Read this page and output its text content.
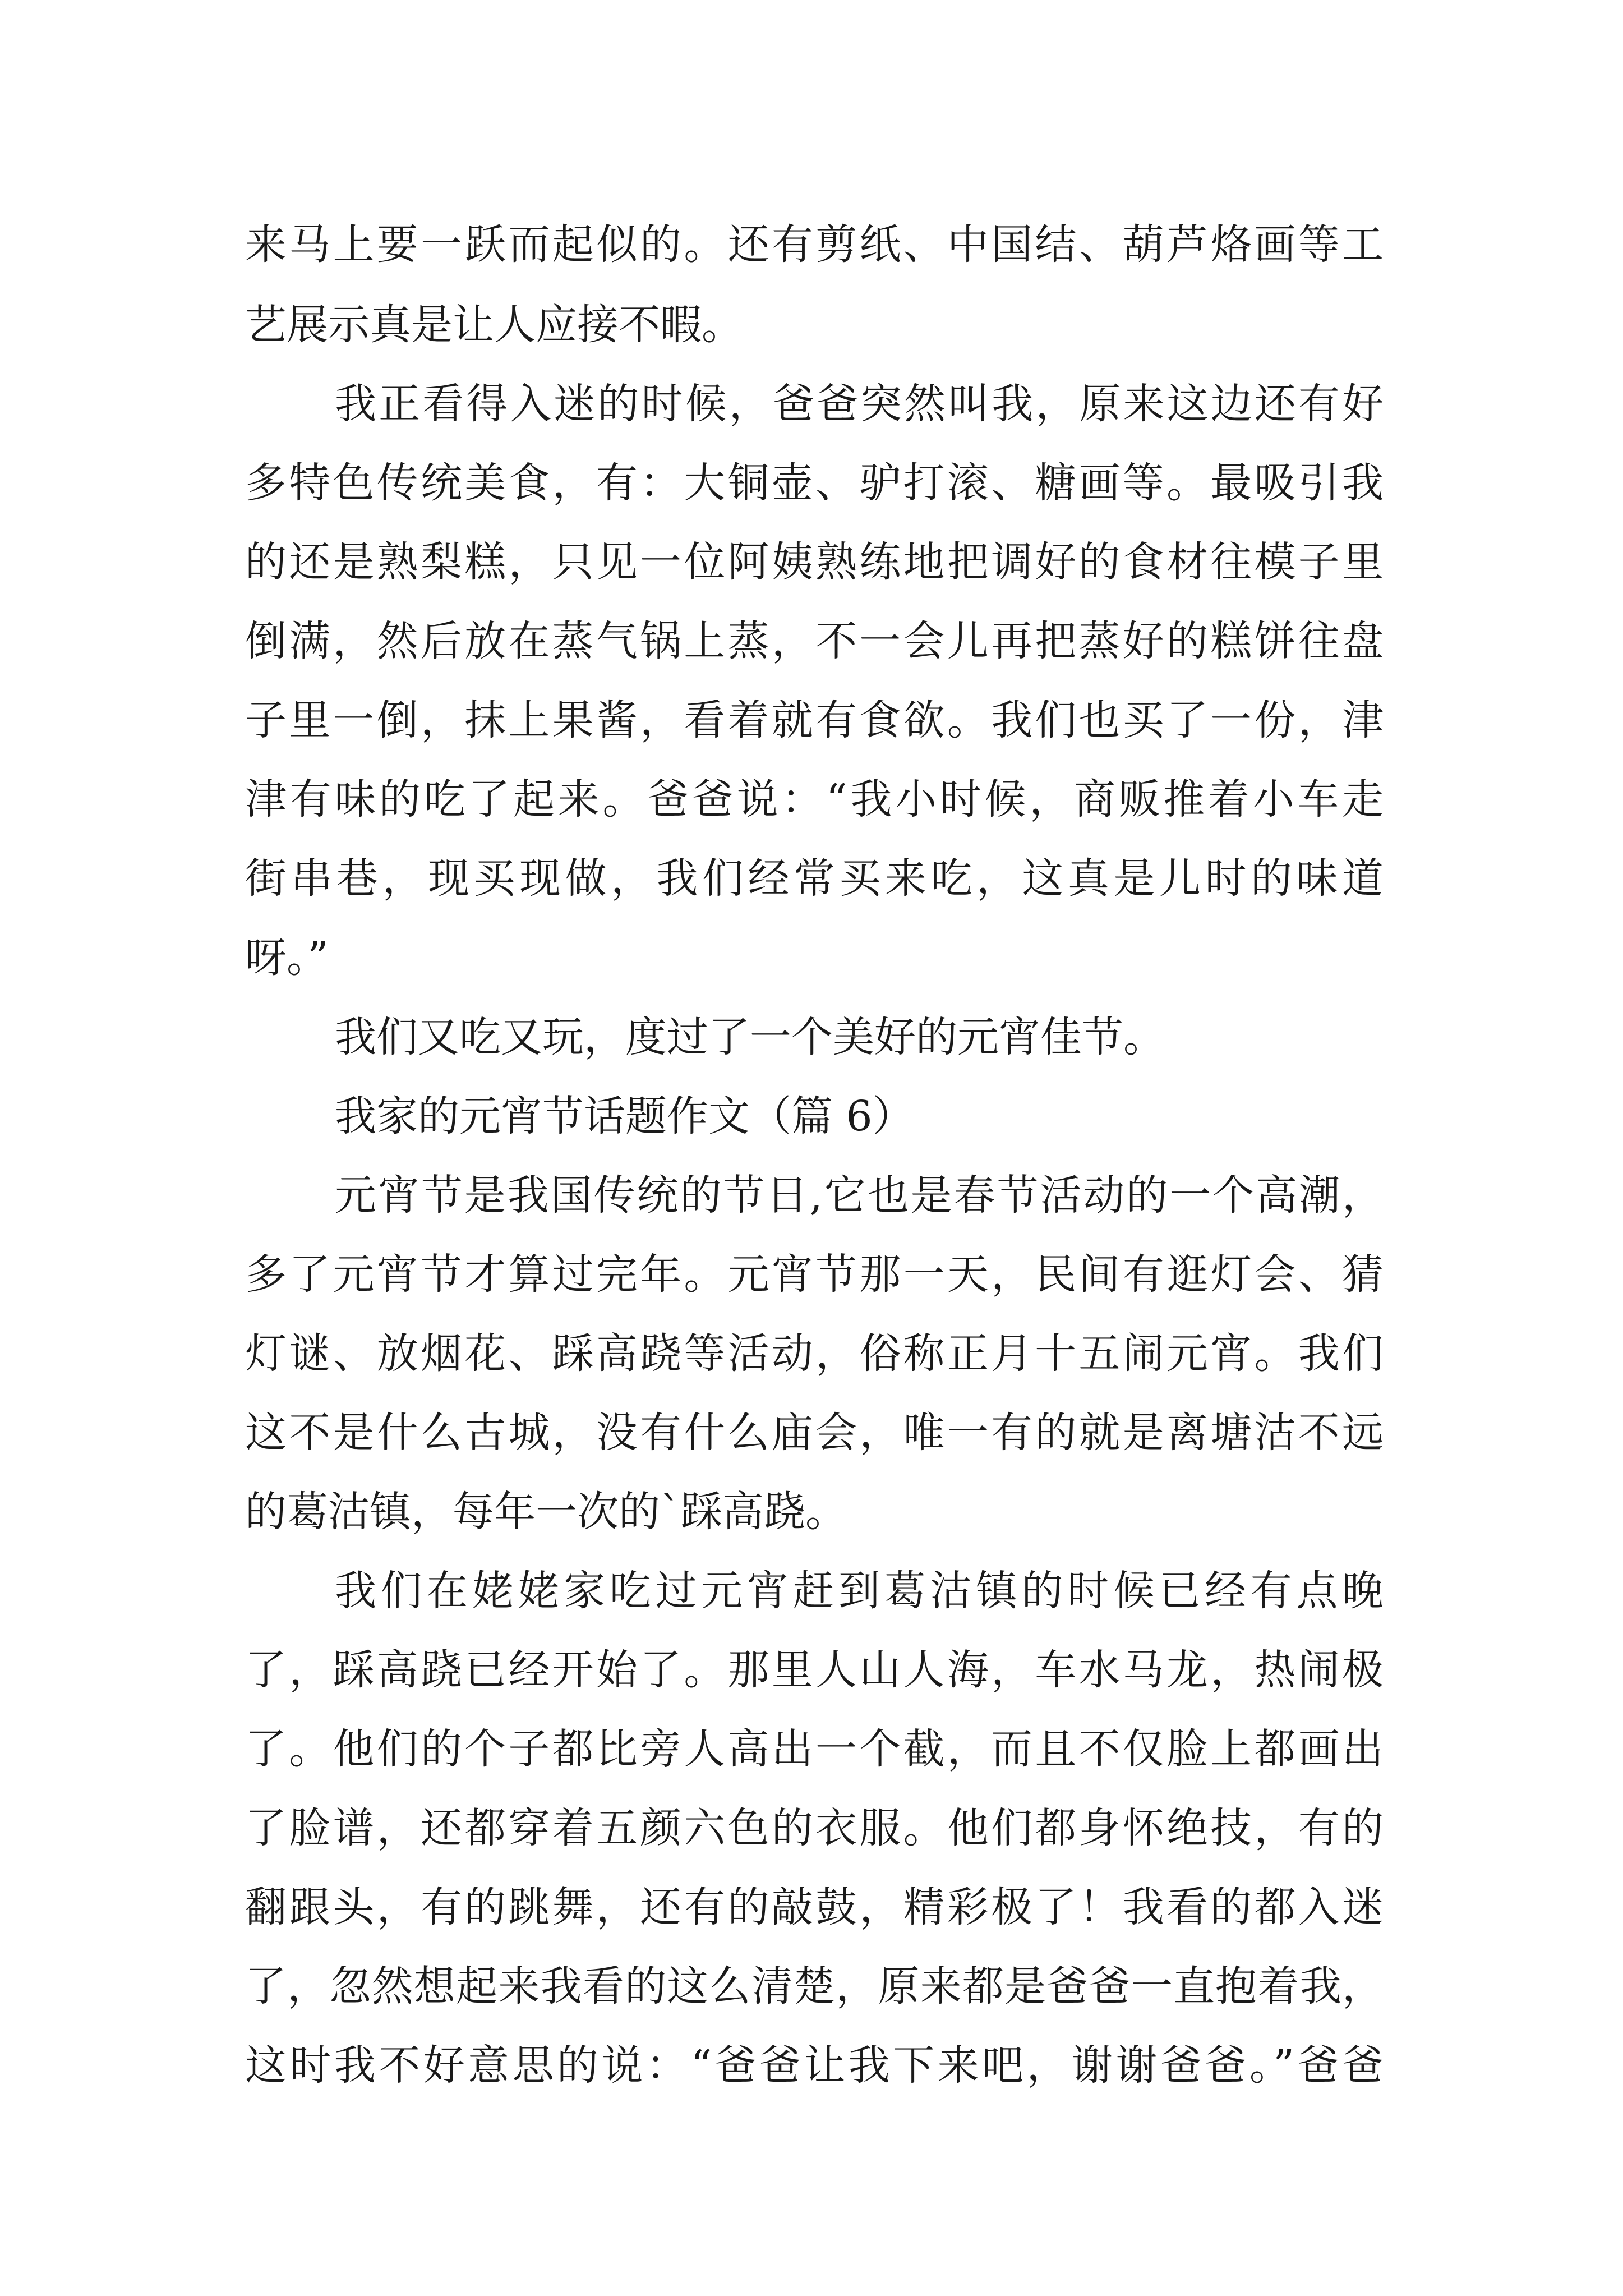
来马上要一跃而起似的。还有剪纸、中国结、葫芦烙画等工
艺展示真是让人应接不暇。
我正看得入迷的时候，爸爸突然叫我，原来这边还有好
多特色传统美食，有：大铜壶、驴打滚、糖画等。最吸引我
的还是熟梨糕，只见一位阿姨熟练地把调好的食材往模子里
倒满，然后放在蒸气锅上蒸，不一会儿再把蒸好的糕饼往盘
子里一倒，抹上果酱，看着就有食欲。我们也买了一份，津
津有味的吃了起来。爸爸说：“我小时候，商贩推着小车走
街串巷，现买现做，我们经常买来吃，这真是儿时的味道
呀。”
我们又吃又玩，度过了一个美好的元宵佳节。
我家的元宵节话题作文（篇 6）
元宵节是我国传统的节日,它也是春节活动的一个高潮，
多了元宵节才算过完年。元宵节那一天，民间有逛灯会、猜
灯谜、放烟花、踩高跷等活动，俗称正月十五闹元宵。我们
这不是什么古城，没有什么庙会，唯一有的就是离塘沽不远
的葛沽镇，每年一次的`踩高跷。
我们在姥姥家吃过元宵赶到葛沽镇的时候已经有点晚
了，踩高跷已经开始了。那里人山人海，车水马龙，热闹极
了。他们的个子都比旁人高出一个截，而且不仅脸上都画出
了脸谱，还都穿着五颜六色的衣服。他们都身怀绝技，有的
翻跟头，有的跳舞，还有的敲鼓，精彩极了！我看的都入迷
了，忽然想起来我看的这么清楚，原来都是爸爸一直抱着我，
这时我不好意思的说：“爸爸让我下来吧，谢谢爸爸。”爸爸
